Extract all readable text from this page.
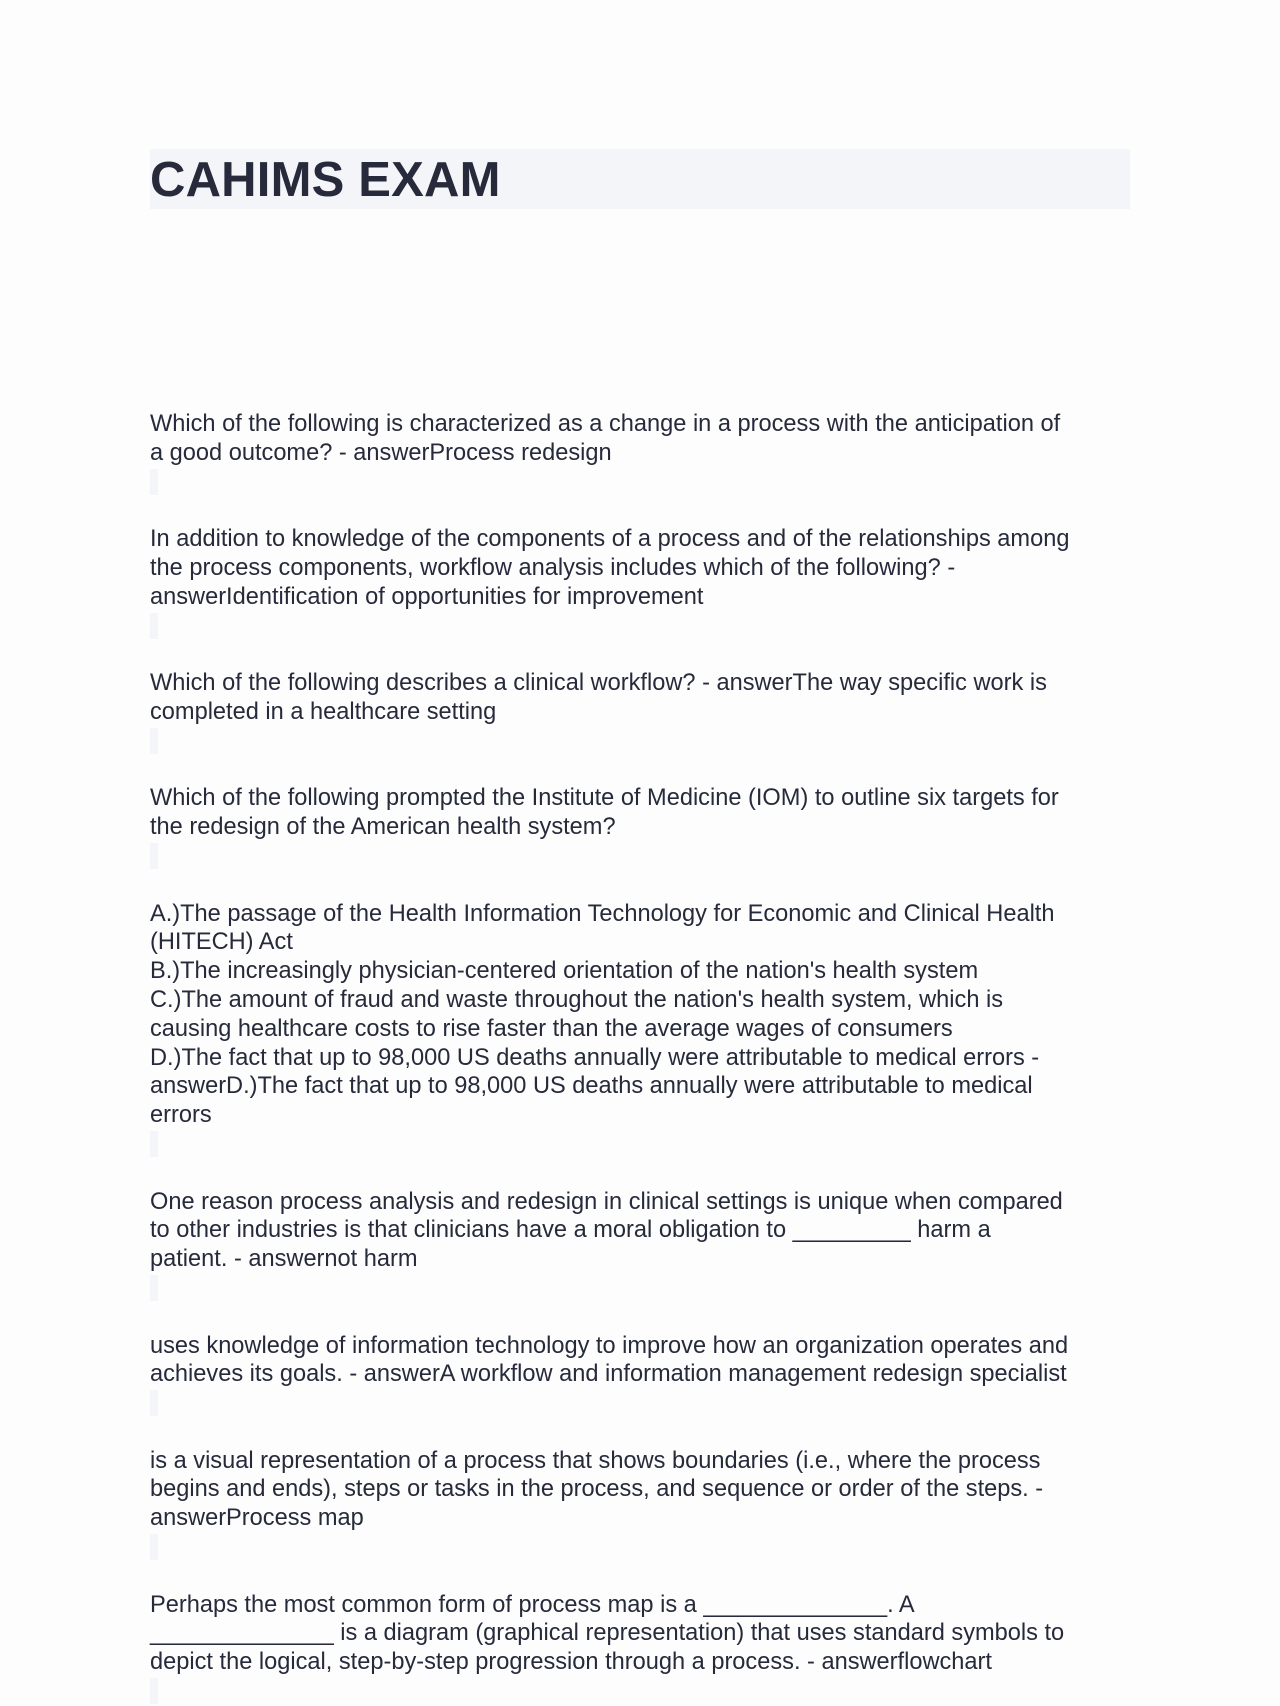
CAHIMS EXAM

Which of the following is characterized as a change in a process with the anticipation of
a good outcome? - answerProcess redesign

In addition to knowledge of the components of a process and of the relationships among
the process components, workflow analysis includes which of the following? -
answerIdentification of opportunities for improvement

Which of the following describes a clinical workflow? - answerThe way specific work is
completed in a healthcare setting

Which of the following prompted the Institute of Medicine (IOM) to outline six targets for
the redesign of the American health system?

A.)The passage of the Health Information Technology for Economic and Clinical Health
(HITECH) Act
B.)The increasingly physician-centered orientation of the nation's health system
C.)The amount of fraud and waste throughout the nation's health system, which is
causing healthcare costs to rise faster than the average wages of consumers
D.)The fact that up to 98,000 US deaths annually were attributable to medical errors -
answerD.)The fact that up to 98,000 US deaths annually were attributable to medical
errors

One reason process analysis and redesign in clinical settings is unique when compared
to other industries is that clinicians have a moral obligation to _________ harm a
patient. - answernot harm

uses knowledge of information technology to improve how an organization operates and
achieves its goals. - answerA workflow and information management redesign specialist

is a visual representation of a process that shows boundaries (i.e., where the process
begins and ends), steps or tasks in the process, and sequence or order of the steps. -
answerProcess map

Perhaps the most common form of process map is a ______________. A
______________ is a diagram (graphical representation) that uses standard symbols to
depict the logical, step-by-step progression through a process. - answerflowchart
